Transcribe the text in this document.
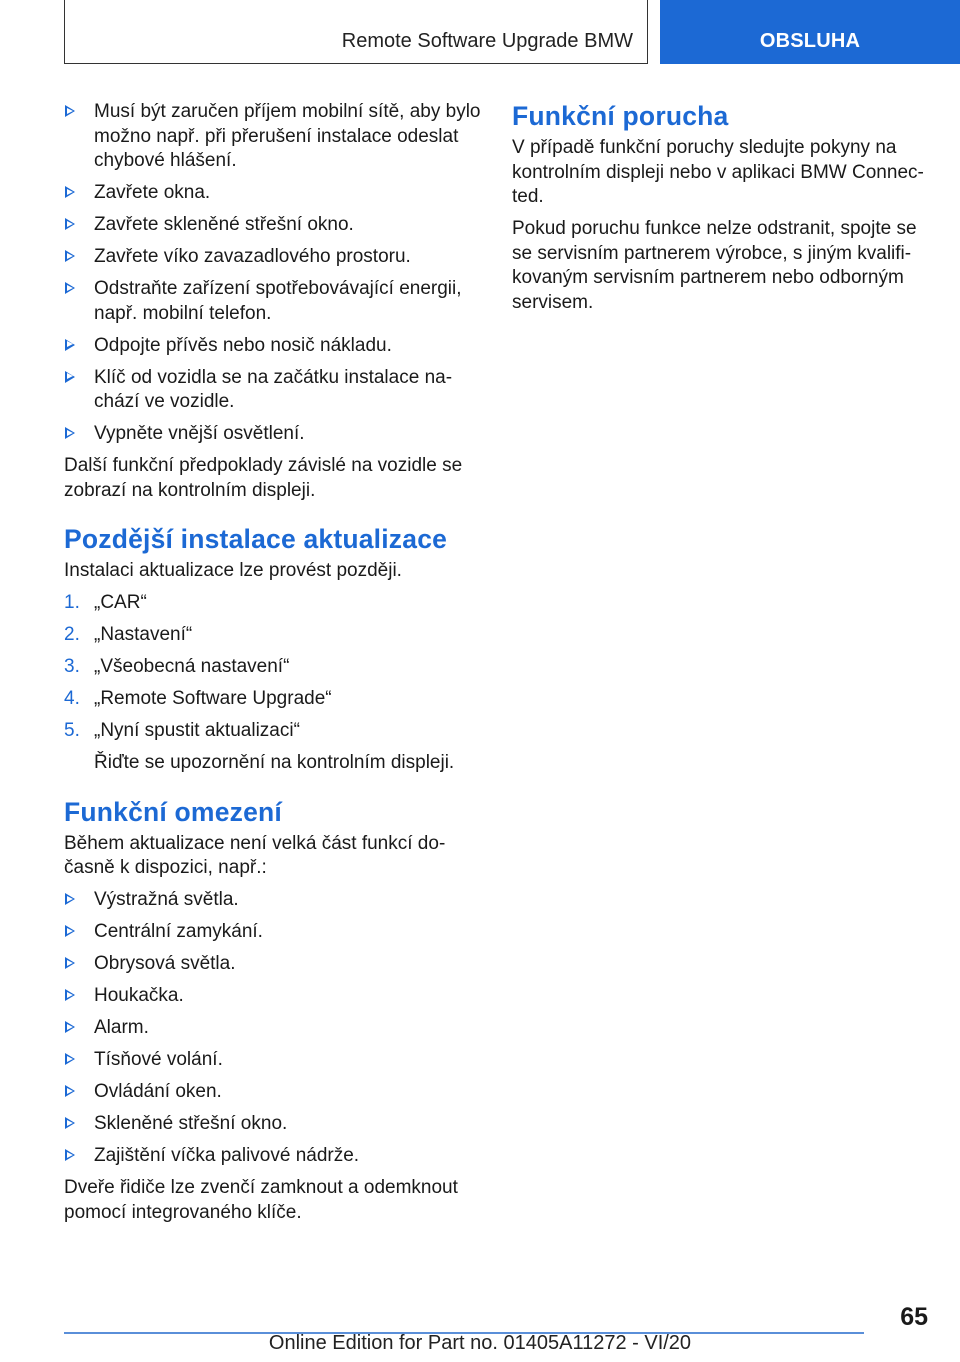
Remote Software Upgrade BMW	OBSLUHA
Musí být zaručen příjem mobilní sítě, aby bylo možno např. při přerušení instalace odeslat chybové hlášení.
Zavřete okna.
Zavřete skleněné střešní okno.
Zavřete víko zavazadlového prostoru.
Odstraňte zařízení spotřebovávající energii, např. mobilní telefon.
Odpojte přívěs nebo nosič nákladu.
Klíč od vozidla se na začátku instalace nachází ve vozidle.
Vypněte vnější osvětlení.

Další funkční předpoklady závislé na vozidle se zobrazí na kontrolním displeji.

Pozdější instalace aktualizace

Instalaci aktualizace lze provést později.

1. „CAR“
2. „Nastavení“
3. „Všeobecná nastavení“
4. „Remote Software Upgrade“
5. „Nyní spustit aktualizaci“

Řiďte se upozornění na kontrolním displeji.

Funkční omezení

Během aktualizace není velká část funkcí dočasně k dispozici, např.:

Výstražná světla.
Centrální zamykání.
Obrysová světla.
Houkačka.
Alarm.
Tísňové volání.
Ovládání oken.
Skleněné střešní okno.
Zajištění víčka palivové nádrže.

Dveře řidiče lze zvenčí zamknout a odemknout pomocí integrovaného klíče.

Funkční porucha

V případě funkční poruchy sledujte pokyny na kontrolním displeji nebo v aplikaci BMW Connected.

Pokud poruchu funkce nelze odstranit, spojte se se servisním partnerem výrobce, s jiným kvalifikovaným servisním partnerem nebo odborným servisem.

65
Online Edition for Part no. 01405A11272 - VI/20
